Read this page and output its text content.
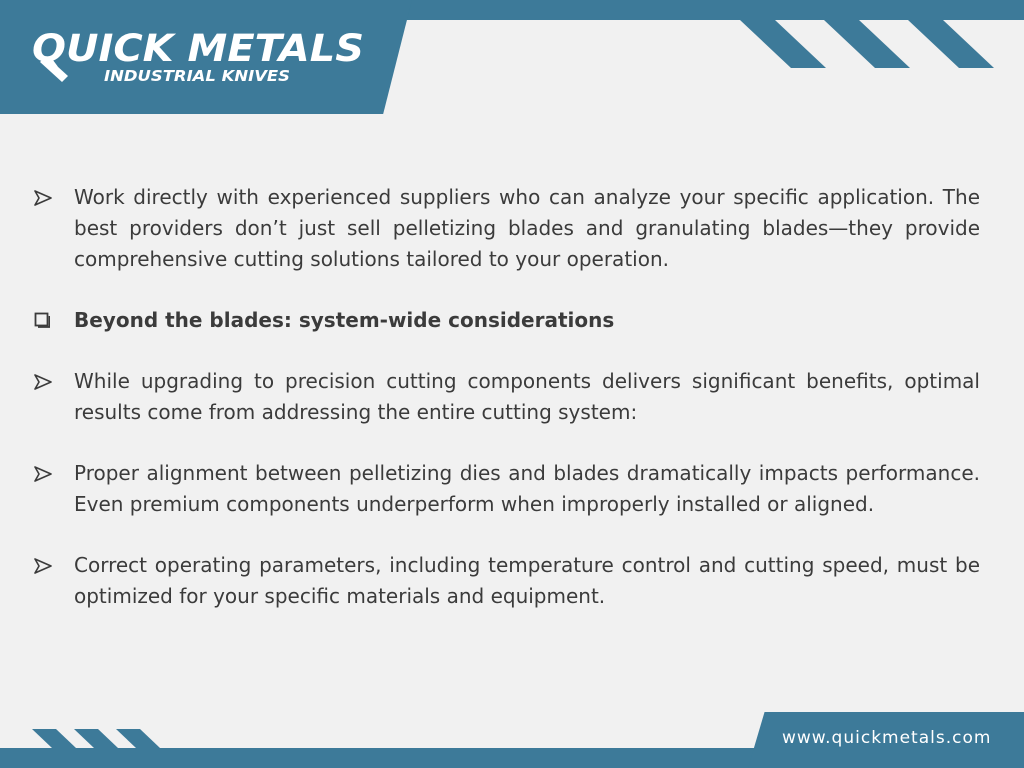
QUICK METALS
INDUSTRIAL KNIVES
Work directly with experienced suppliers who can analyze your specific application. The best providers don’t just sell pelletizing blades and granulating blades—they provide comprehensive cutting solutions tailored to your operation.
Beyond the blades: system-wide considerations
While upgrading to precision cutting components delivers significant benefits, optimal results come from addressing the entire cutting system:
Proper alignment between pelletizing dies and blades dramatically impacts performance. Even premium components underperform when improperly installed or aligned.
Correct operating parameters, including temperature control and cutting speed, must be optimized for your specific materials and equipment.
www.quickmetals.com
